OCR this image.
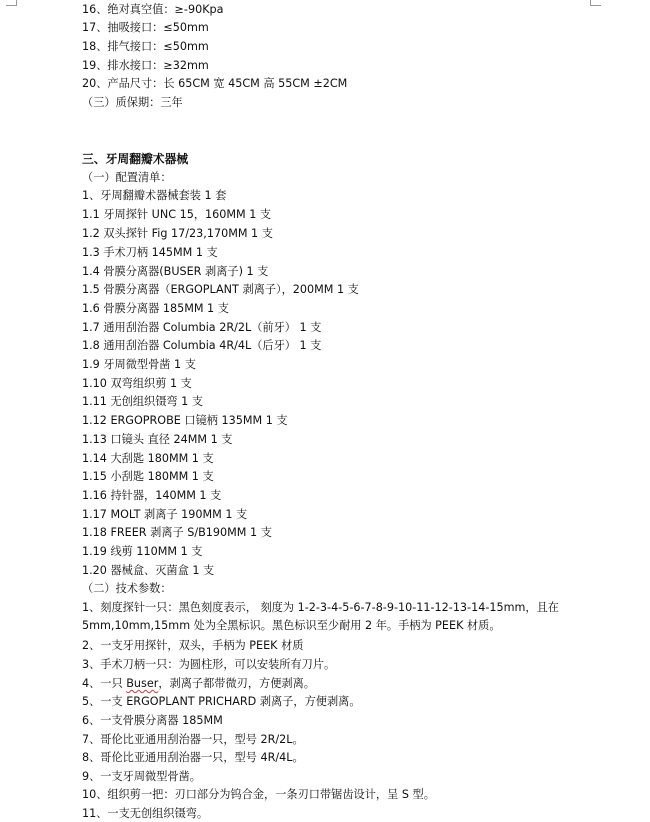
16、绝对真空值：≥-90Kpa
17、抽吸接口：≤50mm
18、排气接口：≤50mm
19、排水接口：≥32mm
20、产品尺寸：长 65CM 宽 45CM 高 55CM ±2CM
（三）质保期：三年
三、牙周翻瓣术器械
（一）配置清单：
1、牙周翻瓣术器械套装 1 套
1.1 牙周探针 UNC 15，160MM 1 支
1.2 双头探针 Fig 17/23,170MM 1 支
1.3 手术刀柄 145MM 1 支
1.4 骨膜分离器(BUSER 剥离子) 1 支
1.5 骨膜分离器（ERGOPLANT 剥离子），200MM 1 支
1.6 骨膜分离器 185MM 1 支
1.7 通用刮治器 Columbia 2R/2L（前牙） 1 支
1.8 通用刮治器 Columbia 4R/4L（后牙） 1 支
1.9 牙周微型骨凿 1 支
1.10 双弯组织剪 1 支
1.11 无创组织镊弯 1 支
1.12 ERGOPROBE 口镜柄 135MM 1 支
1.13 口镜头 直径 24MM 1 支
1.14 大刮匙 180MM 1 支
1.15 小刮匙 180MM 1 支
1.16 持针器，140MM 1 支
1.17 MOLT 剥离子 190MM 1 支
1.18 FREER 剥离子 S/B190MM 1 支
1.19 线剪 110MM 1 支
1.20 器械盒、灭菌盒 1 支
（二）技术参数：
1、刻度探针一只：黑色刻度表示， 刻度为 1-2-3-4-5-6-7-8-9-10-11-12-13-14-15mm，且在 5mm,10mm,15mm 处为全黑标识。黑色标识至少耐用 2 年。手柄为 PEEK 材质。
2、一支牙用探针，双头，手柄为 PEEK 材质
3、手术刀柄一只：为圆柱形，可以安装所有刀片。
4、一只 Buser，剥离子都带微刃，方便剥离。
5、一支 ERGOPLANT PRICHARD 剥离子，方便剥离。
6、一支骨膜分离器 185MM
7、哥伦比亚通用刮治器一只，型号 2R/2L。
8、哥伦比亚通用刮治器一只，型号 4R/4L。
9、一支牙周微型骨凿。
10、组织剪一把：刃口部分为钨合金，一条刃口带锯齿设计，呈 S 型。
11、一支无创组织镊弯。
